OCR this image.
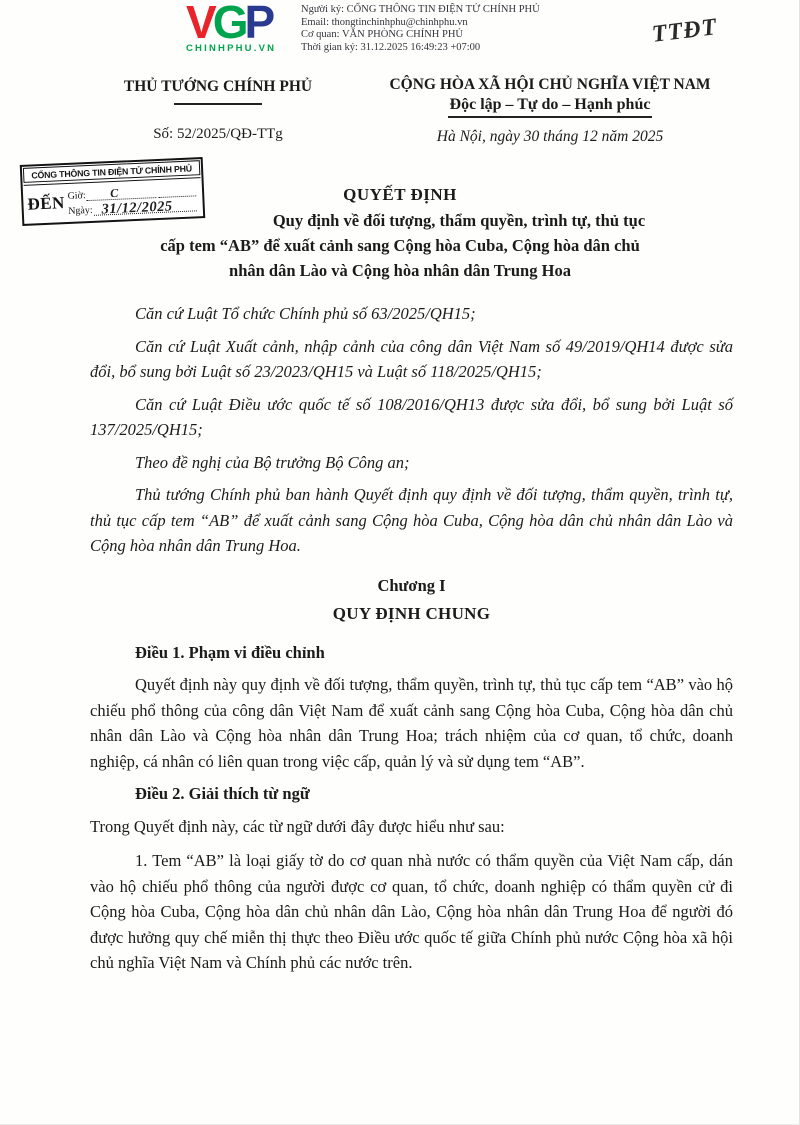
VGP
CHINHPHU.VN
Người ký: CỔNG THÔNG TIN ĐIỆN TỬ CHÍNH PHỦ
Email: thongtinchinhphu@chinhphu.vn
Cơ quan: VĂN PHÒNG CHÍNH PHỦ
Thời gian ký: 31.12.2025 16:49:23 +07:00	TTĐT
THỦ TƯỚNG CHÍNH PHỦ
Số: 52/2025/QĐ-TTg
CỘNG HÒA XÃ HỘI CHỦ NGHĨA VIỆT NAM
Độc lập – Tự do – Hạnh phúc
Hà Nội, ngày 30 tháng 12 năm 2025
CỔNG THÔNG TIN ĐIỆN TỬ CHÍNH PHỦ
ĐẾN Giờ: C
Ngày: 31/12/2025
QUYẾT ĐỊNH
Quy định về đối tượng, thẩm quyền, trình tự, thủ tục
cấp tem “AB” để xuất cảnh sang Cộng hòa Cuba, Cộng hòa dân chủ
nhân dân Lào và Cộng hòa nhân dân Trung Hoa

Căn cứ Luật Tổ chức Chính phủ số 63/2025/QH15;

Căn cứ Luật Xuất cảnh, nhập cảnh của công dân Việt Nam số 49/2019/QH14 được sửa đổi, bổ sung bởi Luật số 23/2023/QH15 và Luật số 118/2025/QH15;

Căn cứ Luật Điều ước quốc tế số 108/2016/QH13 được sửa đổi, bổ sung bởi Luật số 137/2025/QH15;

Theo đề nghị của Bộ trưởng Bộ Công an;

Thủ tướng Chính phủ ban hành Quyết định quy định về đối tượng, thẩm quyền, trình tự, thủ tục cấp tem “AB” để xuất cảnh sang Cộng hòa Cuba, Cộng hòa dân chủ nhân dân Lào và Cộng hòa nhân dân Trung Hoa.

Chương I
QUY ĐỊNH CHUNG

Điều 1. Phạm vi điều chỉnh

Quyết định này quy định về đối tượng, thẩm quyền, trình tự, thủ tục cấp tem “AB” vào hộ chiếu phổ thông của công dân Việt Nam để xuất cảnh sang Cộng hòa Cuba, Cộng hòa dân chủ nhân dân Lào và Cộng hòa nhân dân Trung Hoa; trách nhiệm của cơ quan, tổ chức, doanh nghiệp, cá nhân có liên quan trong việc cấp, quản lý và sử dụng tem “AB”.

Điều 2. Giải thích từ ngữ

Trong Quyết định này, các từ ngữ dưới đây được hiểu như sau:

1. Tem “AB” là loại giấy tờ do cơ quan nhà nước có thẩm quyền của Việt Nam cấp, dán vào hộ chiếu phổ thông của người được cơ quan, tổ chức, doanh nghiệp có thẩm quyền cử đi Cộng hòa Cuba, Cộng hòa dân chủ nhân dân Lào, Cộng hòa nhân dân Trung Hoa để người đó được hưởng quy chế miễn thị thực theo Điều ước quốc tế giữa Chính phủ nước Cộng hòa xã hội chủ nghĩa Việt Nam và Chính phủ các nước trên.
